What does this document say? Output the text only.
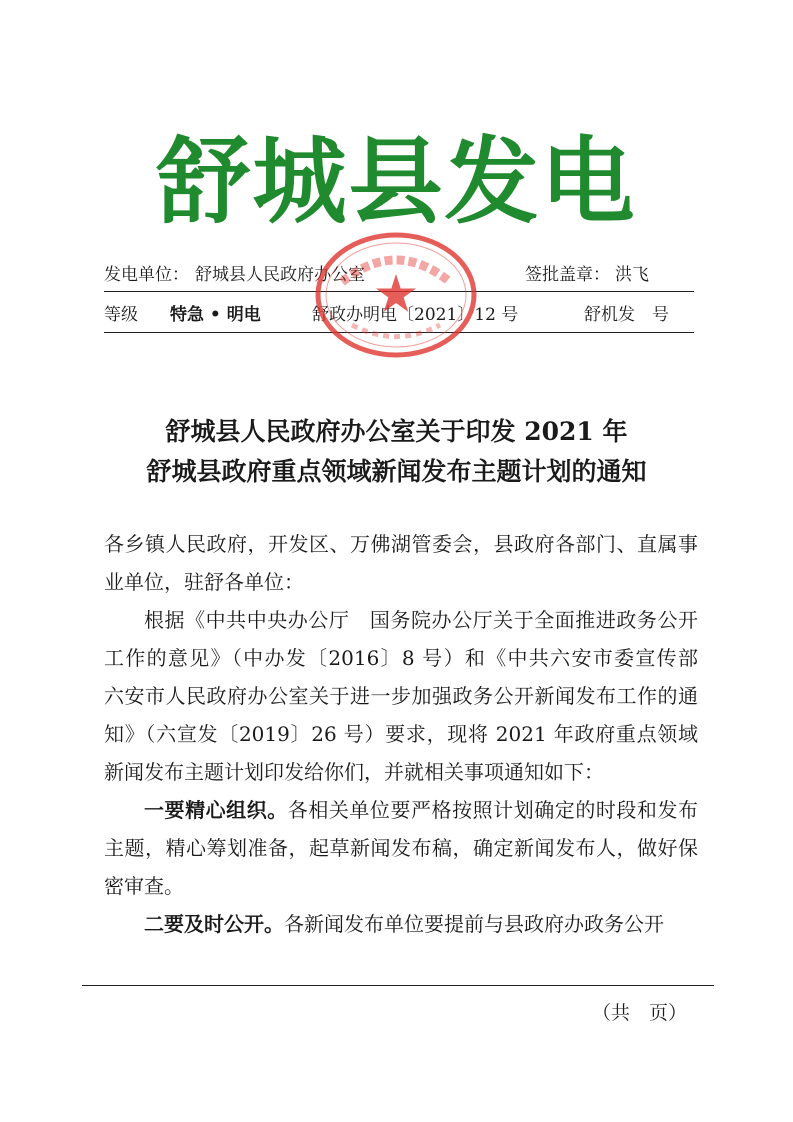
舒城县发电
发电单位： 舒城县人民政府办公室	签批盖章： 洪飞
等级 特急 • 明电	舒政办明电〔2021〕12 号	舒机发　号
舒城县人民政府办公室关于印发 2021 年
舒城县政府重点领域新闻发布主题计划的通知

各乡镇人民政府，开发区、万佛湖管委会，县政府各部门、直属事业单位，驻舒各单位：

根据《中共中央办公厅　国务院办公厅关于全面推进政务公开工作的意见》（中办发〔2016〕8 号）和《中共六安市委宣传部　六安市人民政府办公室关于进一步加强政务公开新闻发布工作的通知》（六宣发〔2019〕26 号）要求，现将 2021 年政府重点领域新闻发布主题计划印发给你们，并就相关事项通知如下：

一要精心组织。各相关单位要严格按照计划确定的时段和发布主题，精心筹划准备，起草新闻发布稿，确定新闻发布人，做好保密审查。

二要及时公开。各新闻发布单位要提前与县政府办政务公开

（共　页）
